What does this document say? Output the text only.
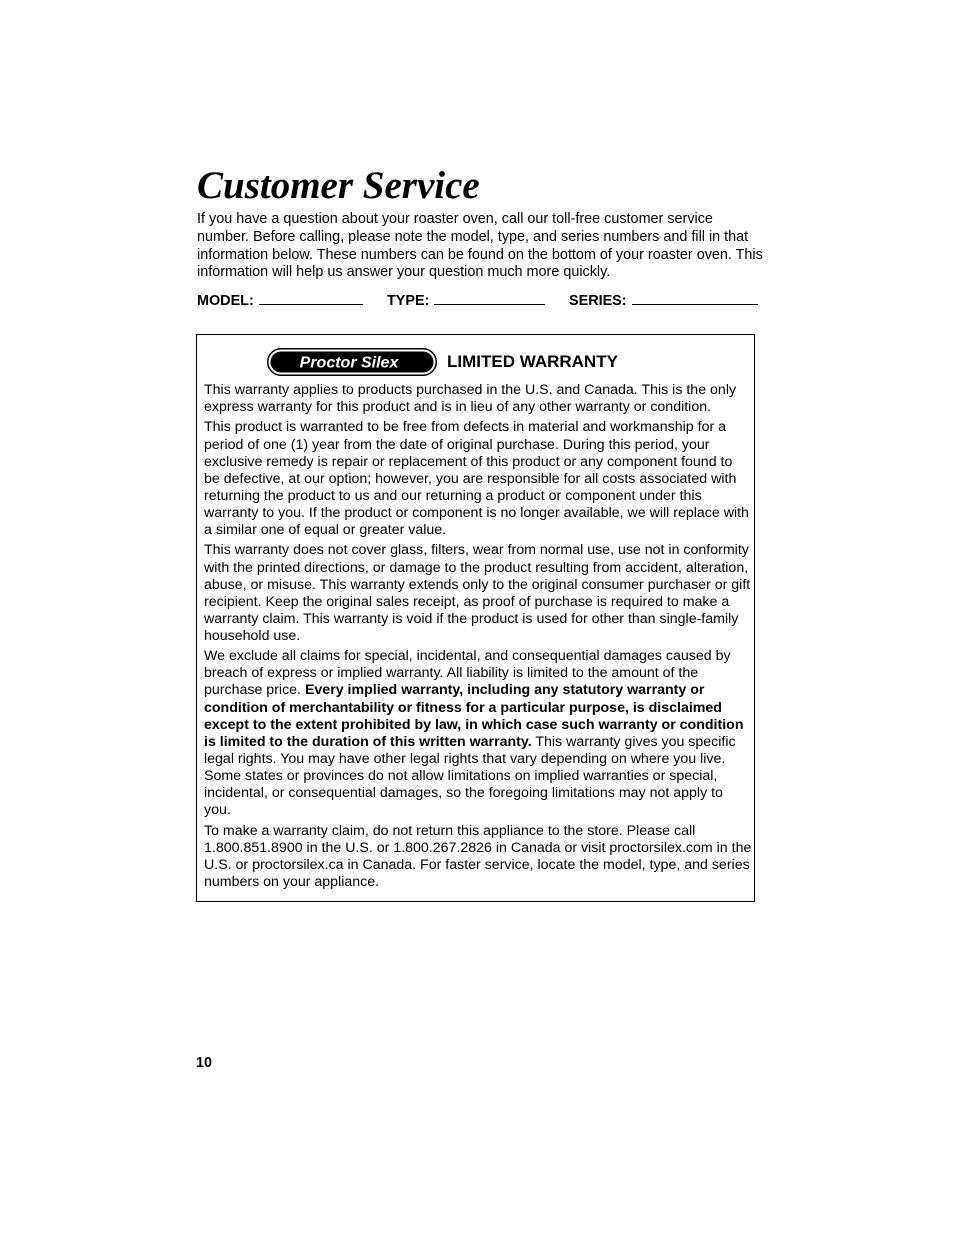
Customer Service

If you have a question about your roaster oven, call our toll-free customer service number. Before calling, please note the model, type, and series numbers and fill in that information below. These numbers can be found on the bottom of your roaster oven. This information will help us answer your question much more quickly.

MODEL:	TYPE:	SERIES:
Proctor Silex	LIMITED WARRANTY

This warranty applies to products purchased in the U.S. and Canada. This is the only express warranty for this product and is in lieu of any other warranty or condition.

This product is warranted to be free from defects in material and workmanship for a period of one (1) year from the date of original purchase. During this period, your exclusive remedy is repair or replacement of this product or any component found to be defective, at our option; however, you are responsible for all costs associated with returning the product to us and our returning a product or component under this warranty to you. If the product or component is no longer available, we will replace with a similar one of equal or greater value.

This warranty does not cover glass, filters, wear from normal use, use not in conformity with the printed directions, or damage to the product resulting from accident, alteration, abuse, or misuse. This warranty extends only to the original consumer purchaser or gift recipient. Keep the original sales receipt, as proof of purchase is required to make a warranty claim. This warranty is void if the product is used for other than single-family household use.

We exclude all claims for special, incidental, and consequential damages caused by breach of express or implied warranty. All liability is limited to the amount of the purchase price. Every implied warranty, including any statutory warranty or condition of merchantability or fitness for a particular purpose, is disclaimed except to the extent prohibited by law, in which case such warranty or condition is limited to the duration of this written warranty. This warranty gives you specific legal rights. You may have other legal rights that vary depending on where you live. Some states or provinces do not allow limitations on implied warranties or special, incidental, or consequential damages, so the foregoing limitations may not apply to you.

To make a warranty claim, do not return this appliance to the store. Please call 1.800.851.8900 in the U.S. or 1.800.267.2826 in Canada or visit proctorsilex.com in the U.S. or proctorsilex.ca in Canada. For faster service, locate the model, type, and series numbers on your appliance.

10
